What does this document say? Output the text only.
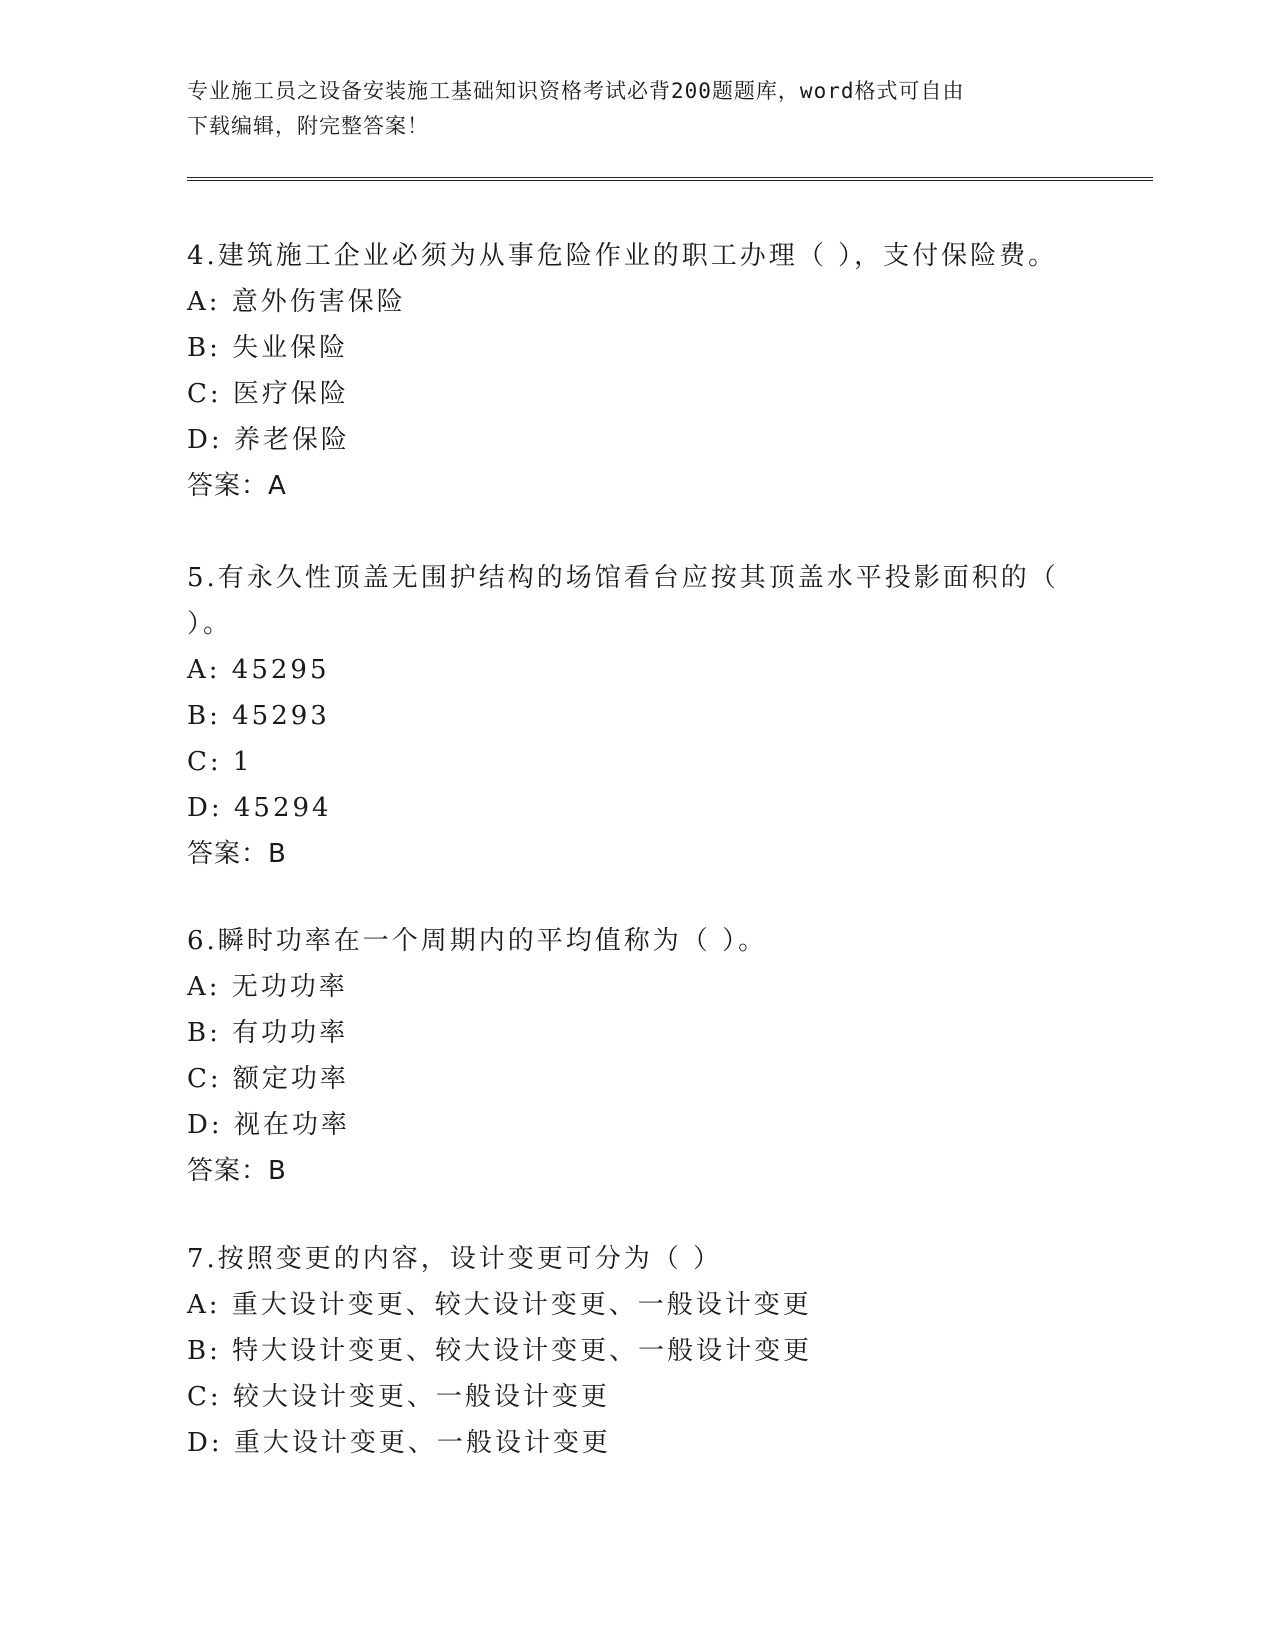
专业施工员之设备安装施工基础知识资格考试必背200题题库，word格式可自由
下载编辑，附完整答案！

4.建筑施工企业必须为从事危险作业的职工办理（ ），支付保险费。

A: 意外伤害保险

B: 失业保险

C: 医疗保险

D: 养老保险

答案：A

5.有永久性顶盖无围护结构的场馆看台应按其顶盖水平投影面积的（

）。

A: 45295

B: 45293

C: 1

D: 45294

答案：B

6.瞬时功率在一个周期内的平均值称为（ ）。

A: 无功功率

B: 有功功率

C: 额定功率

D: 视在功率

答案：B

7.按照变更的内容，设计变更可分为（ ）

A: 重大设计变更、较大设计变更、一般设计变更

B: 特大设计变更、较大设计变更、一般设计变更

C: 较大设计变更、一般设计变更

D: 重大设计变更、一般设计变更
